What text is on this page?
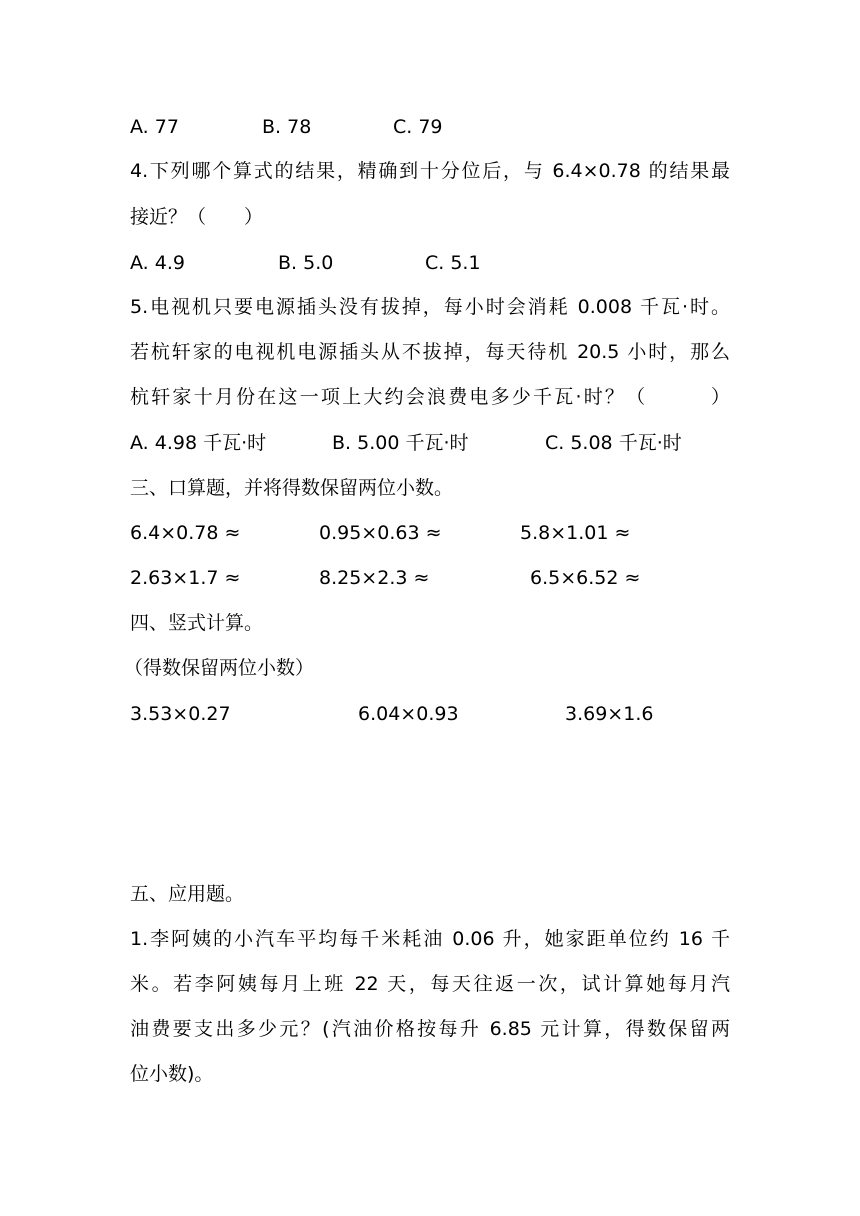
A. 77	B. 78	C. 79
4.下列哪个算式的结果，精确到十分位后，与 6.4×0.78 的结果最
接近？（　　）
A. 4.9	B. 5.0	C. 5.1
5.电视机只要电源插头没有拔掉，每小时会消耗 0.008 千瓦·时。
若杭轩家的电视机电源插头从不拔掉，每天待机 20.5 小时，那么
杭轩家十月份在这一项上大约会浪费电多少千瓦·时？（　　　）
A. 4.98 千瓦·时	B. 5.00 千瓦·时	C. 5.08 千瓦·时
三、口算题，并将得数保留两位小数。
6.4×0.78 ≈	0.95×0.63 ≈	5.8×1.01 ≈
2.63×1.7 ≈	8.25×2.3 ≈	6.5×6.52 ≈
四、竖式计算。
（得数保留两位小数）
3.53×0.27	6.04×0.93	3.69×1.6
五、应用题。
1.李阿姨的小汽车平均每千米耗油 0.06 升，她家距单位约 16 千
米。若李阿姨每月上班 22 天，每天往返一次，试计算她每月汽
油费要支出多少元？(汽油价格按每升 6.85 元计算，得数保留两
位小数)。
